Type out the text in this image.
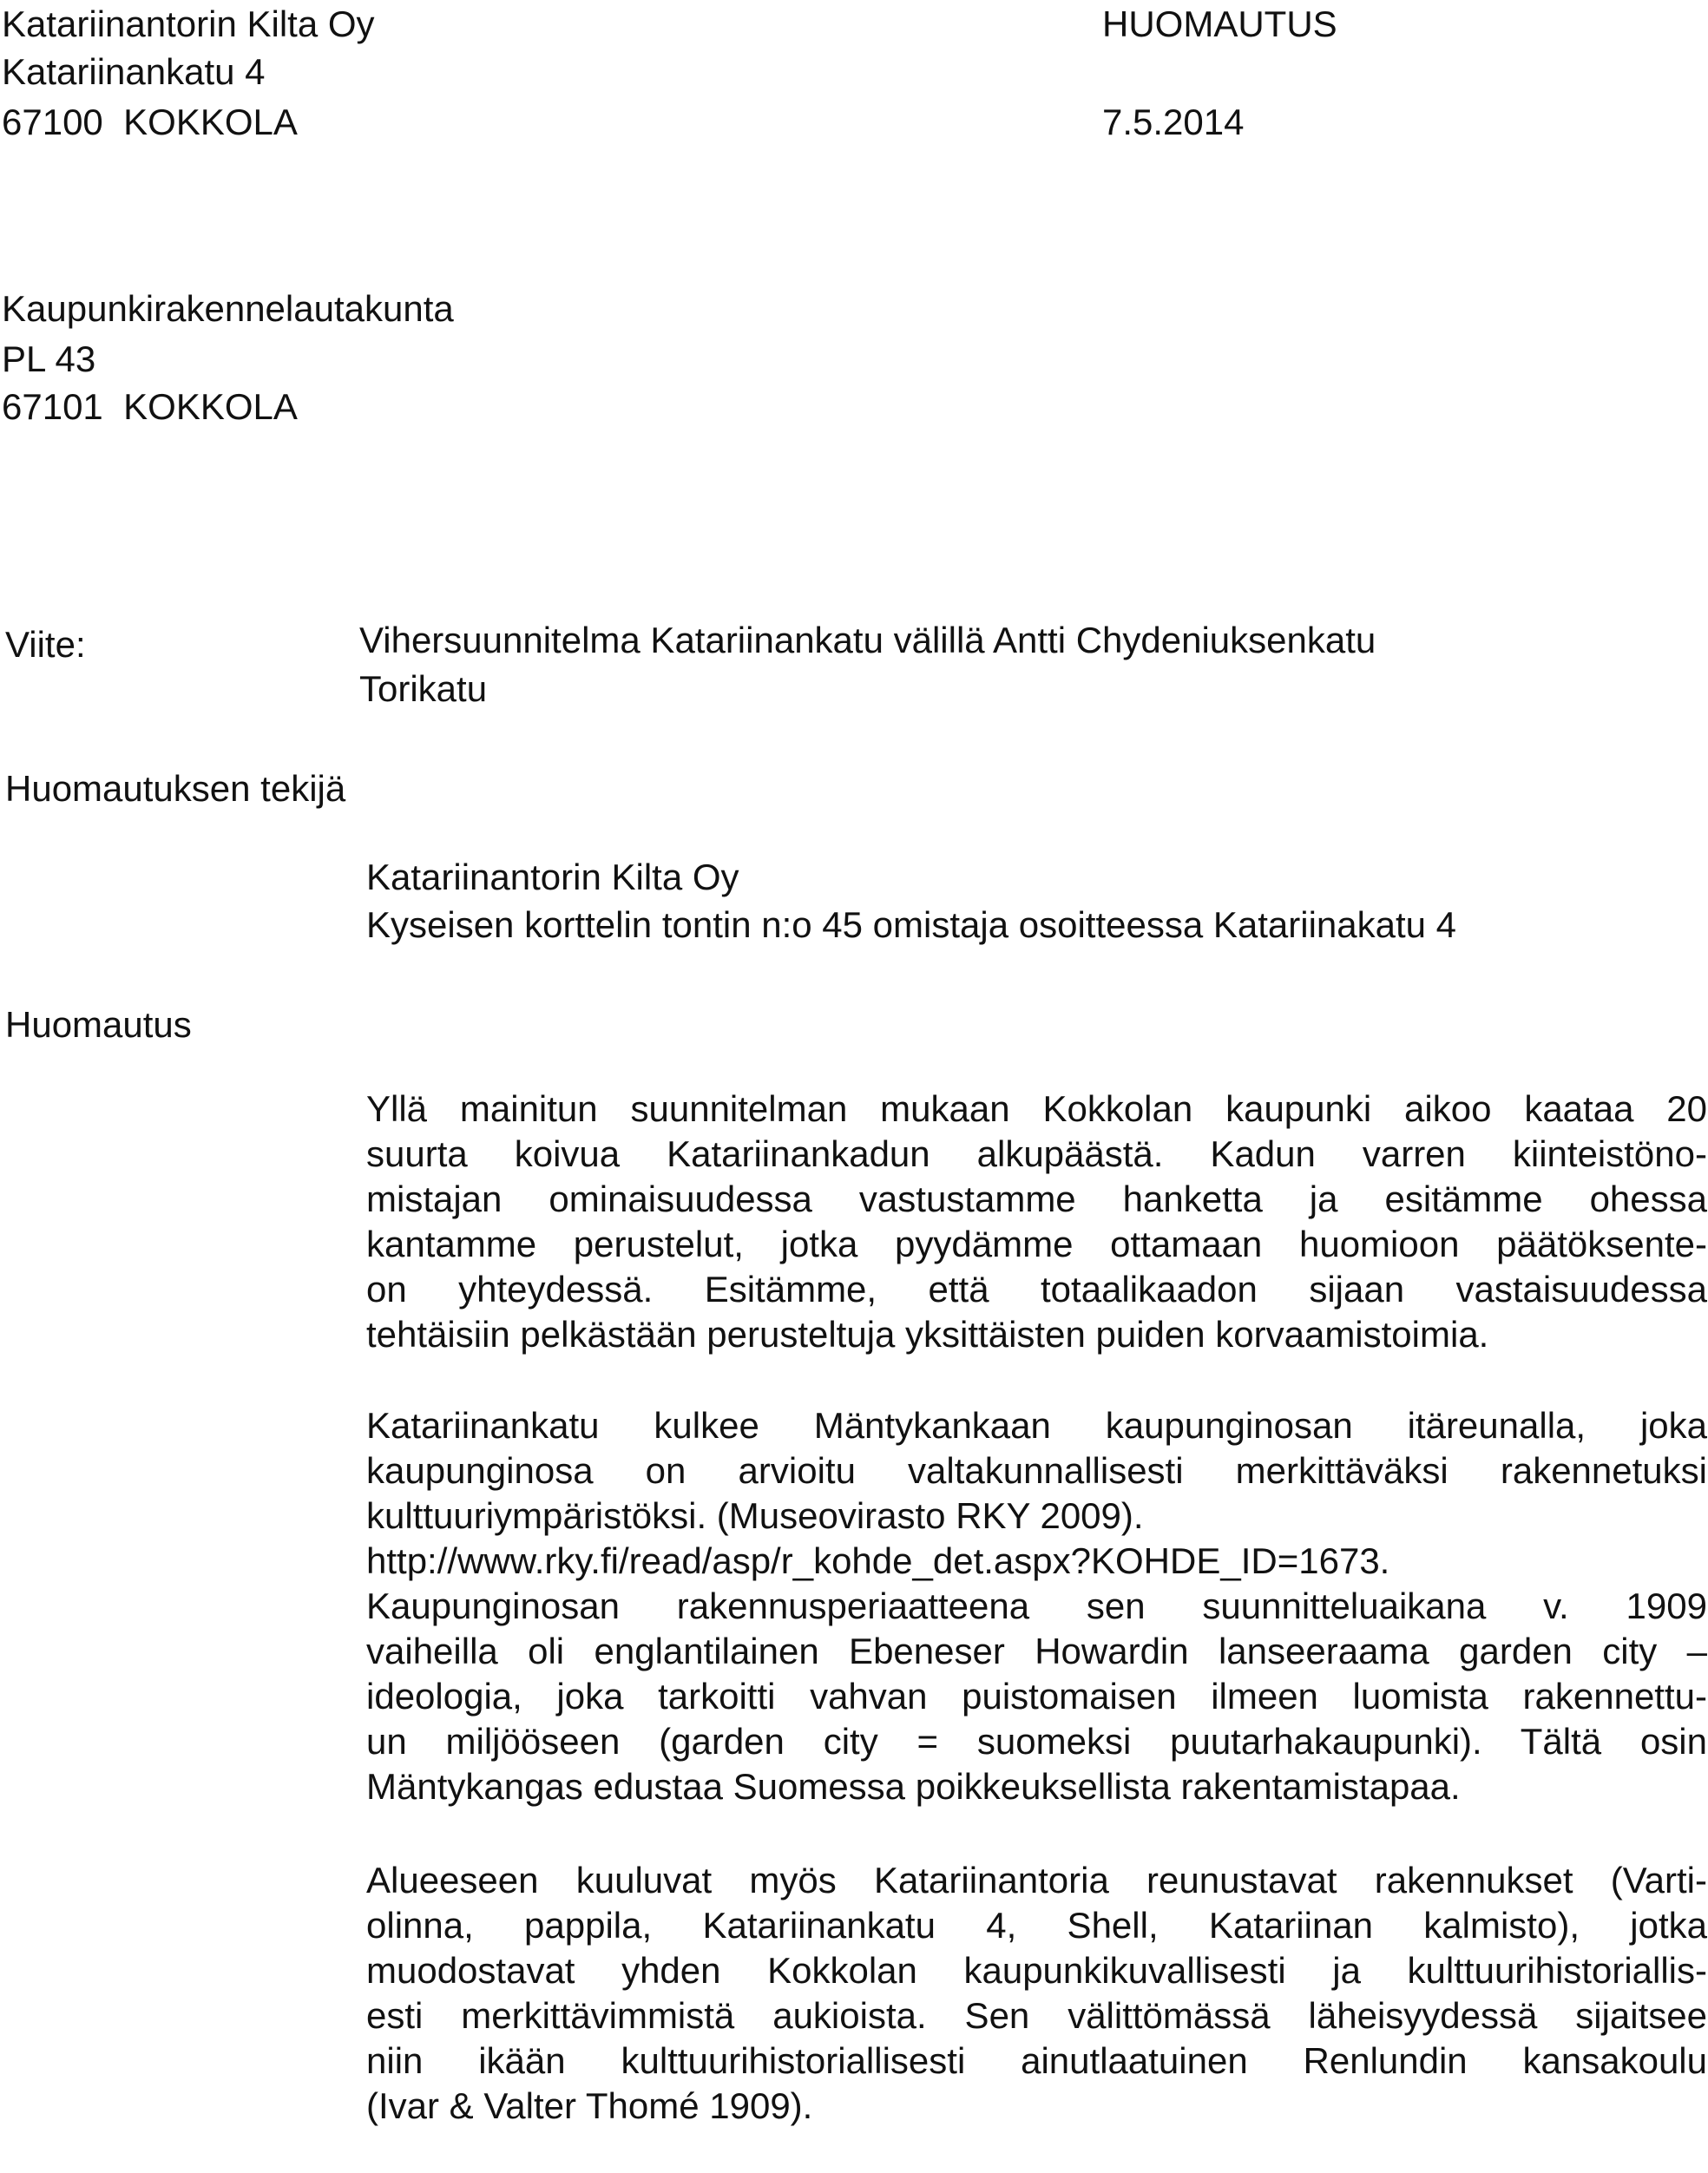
Katariinantorin Kilta Oy
Katariinankatu 4
67100  KOKKOLA
HUOMAUTUS
7.5.2014
Kaupunkirakennelautakunta
PL 43
67101  KOKKOLA
Viite:	Vihersuunnitelma Katariinankatu välillä Antti Chydeniuksenkatu
Torikatu
Huomautuksen tekijä
Katariinantorin Kilta Oy
Kyseisen korttelin tontin n:o 45 omistaja osoitteessa Katariinakatu 4
Huomautus
Yllä mainitun suunnitelman mukaan Kokkolan kaupunki aikoo kaataa 20
suurta koivua Katariinankadun alkupäästä. Kadun varren kiinteistöno-
mistajan ominaisuudessa vastustamme hanketta ja esitämme ohessa
kantamme perustelut, jotka pyydämme ottamaan huomioon päätöksente-
on yhteydessä. Esitämme, että totaalikaadon sijaan vastaisuudessa
tehtäisiin pelkästään perusteltuja yksittäisten puiden korvaamistoimia.
Katariinankatu kulkee Mäntykankaan kaupunginosan itäreunalla, joka
kaupunginosa on arvioitu valtakunnallisesti merkittäväksi rakennetuksi
kulttuuriympäristöksi. (Museovirasto RKY 2009).
http://www.rky.fi/read/asp/r_kohde_det.aspx?KOHDE_ID=1673.
Kaupunginosan rakennusperiaatteena sen suunnitteluaikana v. 1909
vaiheilla oli englantilainen Ebeneser Howardin lanseeraama garden city –
ideologia, joka tarkoitti vahvan puistomaisen ilmeen luomista rakennettu-
un miljööseen (garden city = suomeksi puutarhakaupunki). Tältä osin
Mäntykangas edustaa Suomessa poikkeuksellista rakentamistapaa.
Alueeseen kuuluvat myös Katariinantoria reunustavat rakennukset (Varti-
olinna, pappila, Katariinankatu 4, Shell, Katariinan kalmisto), jotka
muodostavat yhden Kokkolan kaupunkikuvallisesti ja kulttuurihistoriallis-
esti merkittävimmistä aukioista. Sen välittömässä läheisyydessä sijaitsee
niin ikään kulttuurihistoriallisesti ainutlaatuinen Renlundin kansakoulu
(Ivar & Valter Thomé 1909).
